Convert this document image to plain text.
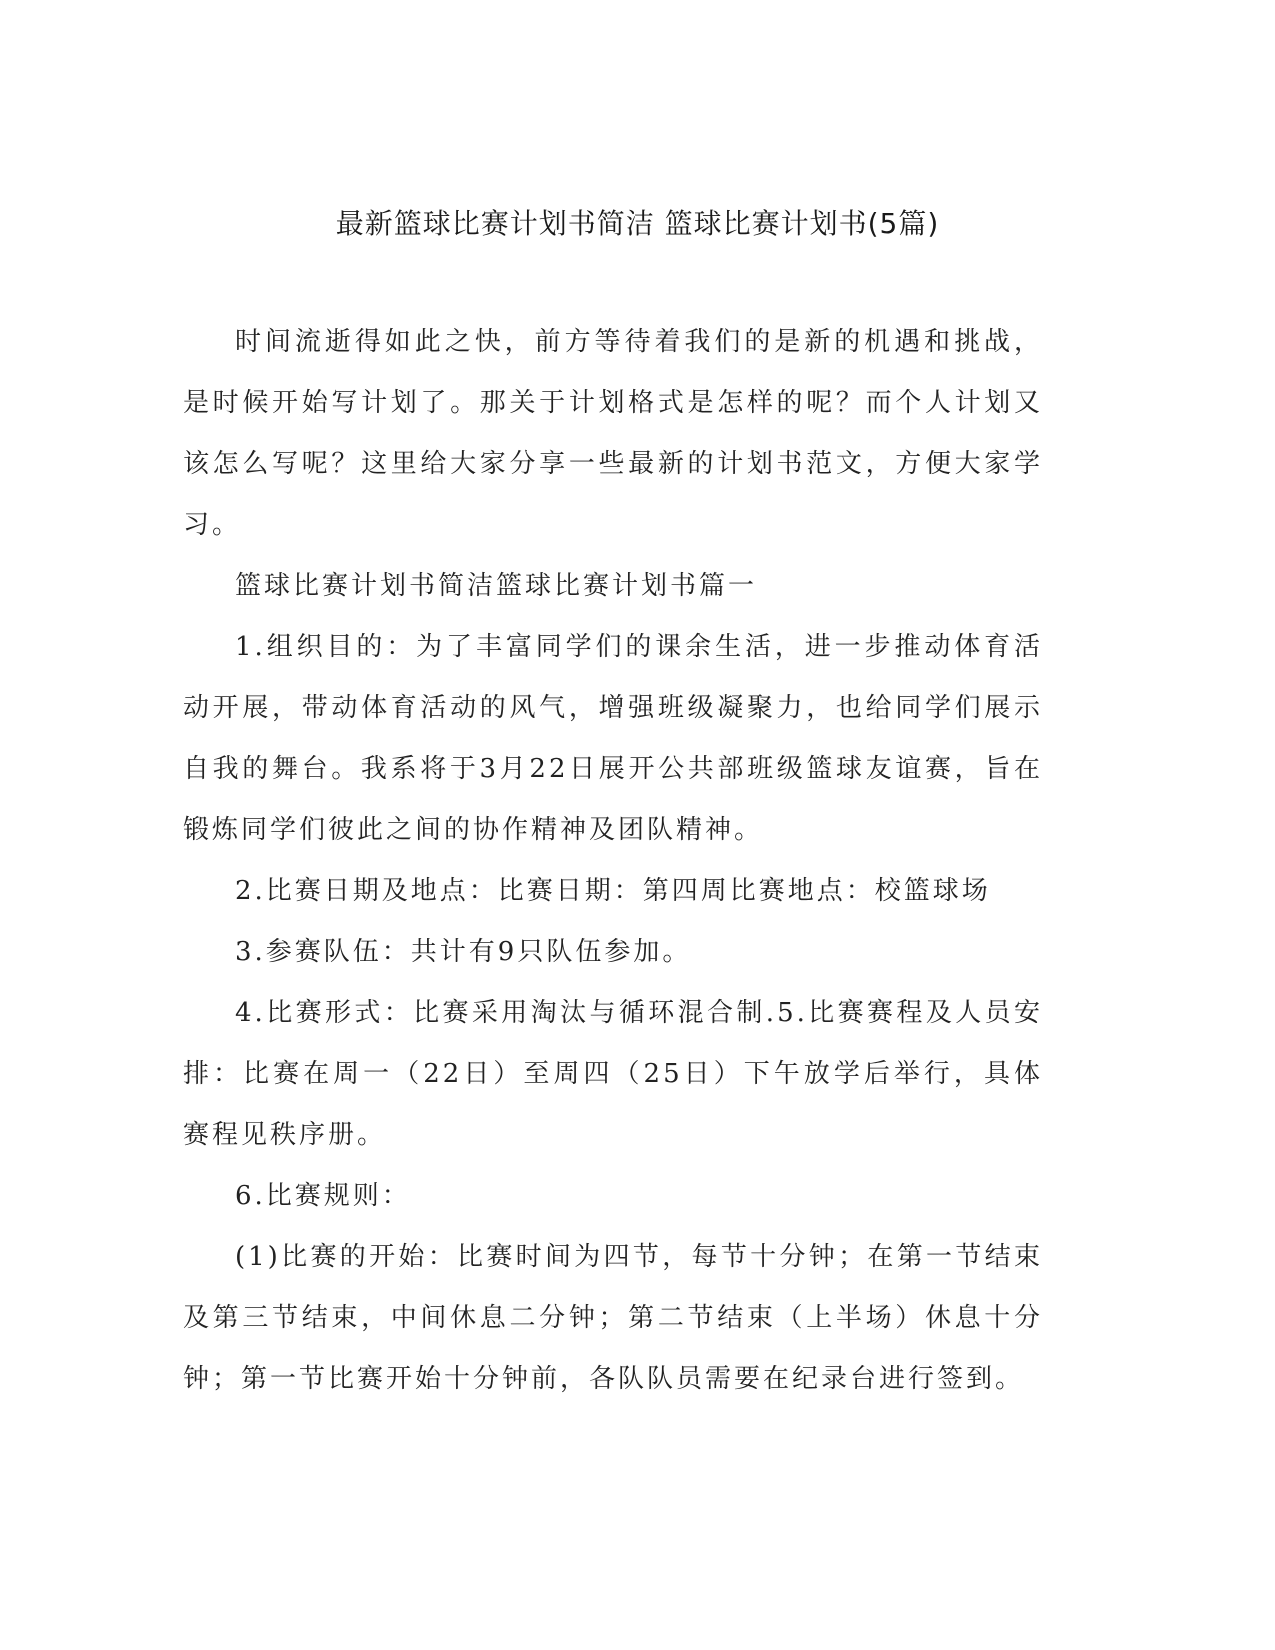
最新篮球比赛计划书简洁 篮球比赛计划书(5篇)

时间流逝得如此之快，前方等待着我们的是新的机遇和挑战，是时候开始写计划了。那关于计划格式是怎样的呢？而个人计划又该怎么写呢？这里给大家分享一些最新的计划书范文，方便大家学习。

篮球比赛计划书简洁篮球比赛计划书篇一

1.组织目的：为了丰富同学们的课余生活，进一步推动体育活动开展，带动体育活动的风气，增强班级凝聚力，也给同学们展示自我的舞台。我系将于3月22日展开公共部班级篮球友谊赛，旨在锻炼同学们彼此之间的协作精神及团队精神。

2.比赛日期及地点：比赛日期：第四周比赛地点：校篮球场

3.参赛队伍：共计有9只队伍参加。

4.比赛形式：比赛采用淘汰与循环混合制.5.比赛赛程及人员安排：比赛在周一（22日）至周四（25日）下午放学后举行，具体赛程见秩序册。

6.比赛规则：

(1)比赛的开始：比赛时间为四节，每节十分钟；在第一节结束及第三节结束，中间休息二分钟；第二节结束（上半场）休息十分钟；第一节比赛开始十分钟前，各队队员需要在纪录台进行签到。
